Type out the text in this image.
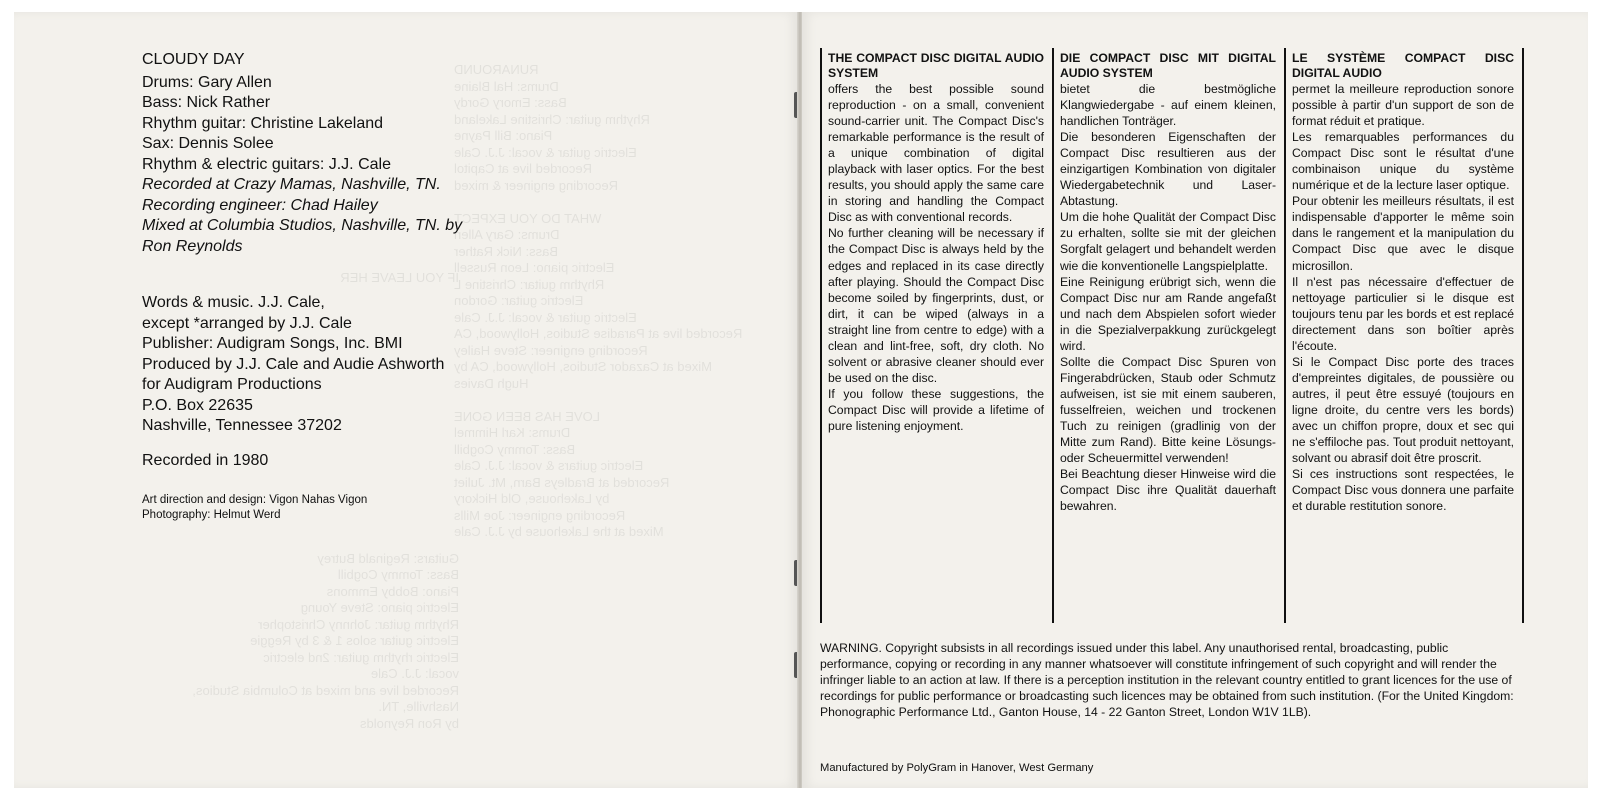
RUNAROUND
Drums: Hal Blaine
Bass: Emory Gordy
Rhythm guitar: Christine Lakeland
Piano: Bill Payne
Electric guitar & vocal: J.J. Cale
Recorded live at Capitol
Recording engineer & mixed

WHAT DO YOU EXPECT
Drums: Gary Allen
Bass: Nick Rather
Electric piano: Leon Russell
Rhythm guitar: Christine L
Electric guitar: Gordon
Electric guitar & vocal: J.J. Cale
Recorded live at Paradise Studios, Hollywood, CA
Recording engineer: Steve Hailey
Mixed at Cazador Studios, Hollywood, CA by
Hugh Davies

LOVE HAS BEEN GONE
Drums: Karl Himmel
Bass: Tommy Cogbill
Electric guitars & vocal: J.J. Cale
Recorded at Bradleys Barn, Mt. Juliet
by Lakehouse, Old Hickory
Recording engineer: Joe Mills
Mixed at the Lakehouse by J.J. Cale
IF YOU LEAVE HER

Guitars: Reginald Butrey
Bass: Tommy Cogbill
Piano: Bobby Emmons
Electric piano: Steve Young
Rhythm guitar: Johnny Christopher
Electric guitar solos 1 & 3 by Reggie
Electric rhythm guitar: 2nd electric
vocal: J.J. Cale
Recorded live and mixed at Columbia Studios,
Nashville, TN.
by Ron Reynolds
CLOUDY DAY
Drums: Gary Allen
Bass: Nick Rather
Rhythm guitar: Christine Lakeland
Sax: Dennis Solee
Rhythm & electric guitars: J.J. Cale
Recorded at Crazy Mamas, Nashville, TN.
Recording engineer: Chad Hailey
Mixed at Columbia Studios, Nashville, TN. by
Ron Reynolds
Words & music. J.J. Cale,
except *arranged by J.J. Cale
Publisher: Audigram Songs, Inc. BMI
Produced by J.J. Cale and Audie Ashworth
for Audigram Productions
P.O. Box 22635
Nashville, Tennessee 37202
Recorded in 1980
Art direction and design: Vigon Nahas Vigon
Photography: Helmut Werd
THE COMPACT DISC DIGITAL AUDIO SYSTEM

offers the best possible sound reproduction - on a small, convenient sound-carrier unit. The Compact Disc's remarkable performance is the result of a unique combination of digital playback with laser optics. For the best results, you should apply the same care in storing and handling the Compact Disc as with conventional records.

No further cleaning will be necessary if the Compact Disc is always held by the edges and replaced in its case directly after playing. Should the Compact Disc become soiled by fingerprints, dust, or dirt, it can be wiped (always in a straight line from centre to edge) with a clean and lint-free, soft, dry cloth. No solvent or abrasive cleaner should ever be used on the disc.

If you follow these suggestions, the Compact Disc will provide a lifetime of pure listening enjoyment.

DIE COMPACT DISC MIT DIGITAL AUDIO SYSTEM

bietet die bestmögliche Klangwiedergabe - auf einem kleinen, handlichen Tonträger.

Die besonderen Eigenschaften der Compact Disc resultieren aus der einzigartigen Kombination von digitaler Wiedergabetechnik und Laser-Abtastung.

Um die hohe Qualität der Compact Disc zu erhalten, sollte sie mit der gleichen Sorgfalt gelagert und behandelt werden wie die konventionelle Langspielplatte.

Eine Reinigung erübrigt sich, wenn die Compact Disc nur am Rande angefaßt und nach dem Abspielen sofort wieder in die Spezialverpakkung zurückgelegt wird.

Sollte die Compact Disc Spuren von Fingerabdrücken, Staub oder Schmutz aufweisen, ist sie mit einem sauberen, fusselfreien, weichen und trockenen Tuch zu reinigen (gradlinig von der Mitte zum Rand). Bitte keine Lösungs- oder Scheuermittel verwenden!

Bei Beachtung dieser Hinweise wird die Compact Disc ihre Qualität dauerhaft bewahren.

LE SYSTÈME COMPACT DISC DIGITAL AUDIO

permet la meilleure reproduction sonore possible à partir d'un support de son de format réduit et pratique.

Les remarquables performances du Compact Disc sont le résultat d'une combinaison unique du système numérique et de la lecture laser optique.

Pour obtenir les meilleurs résultats, il est indispensable d'apporter le même soin dans le rangement et la manipulation du Compact Disc que avec le disque microsillon.

Il n'est pas nécessaire d'effectuer de nettoyage particulier si le disque est toujours tenu par les bords et est replacé directement dans son boîtier après l'écoute.

Si le Compact Disc porte des traces d'empreintes digitales, de poussière ou autres, il peut être essuyé (toujours en ligne droite, du centre vers les bords) avec un chiffon propre, doux et sec qui ne s'effiloche pas. Tout produit nettoyant, solvant ou abrasif doit être proscrit.

Si ces instructions sont respectées, le Compact Disc vous donnera une parfaite et durable restitution sonore.

WARNING. Copyright subsists in all recordings issued under this label. Any unauthorised rental, broadcasting, public performance, copying or recording in any manner whatsoever will constitute infringement of such copyright and will render the infringer liable to an action at law. If there is a perception institution in the relevant country entitled to grant licences for the use of recordings for public performance or broadcasting such licences may be obtained from such institution. (For the United Kingdom: Phonographic Performance Ltd., Ganton House, 14 - 22 Ganton Street, London W1V 1LB).
Manufactured by PolyGram in Hanover, West Germany
